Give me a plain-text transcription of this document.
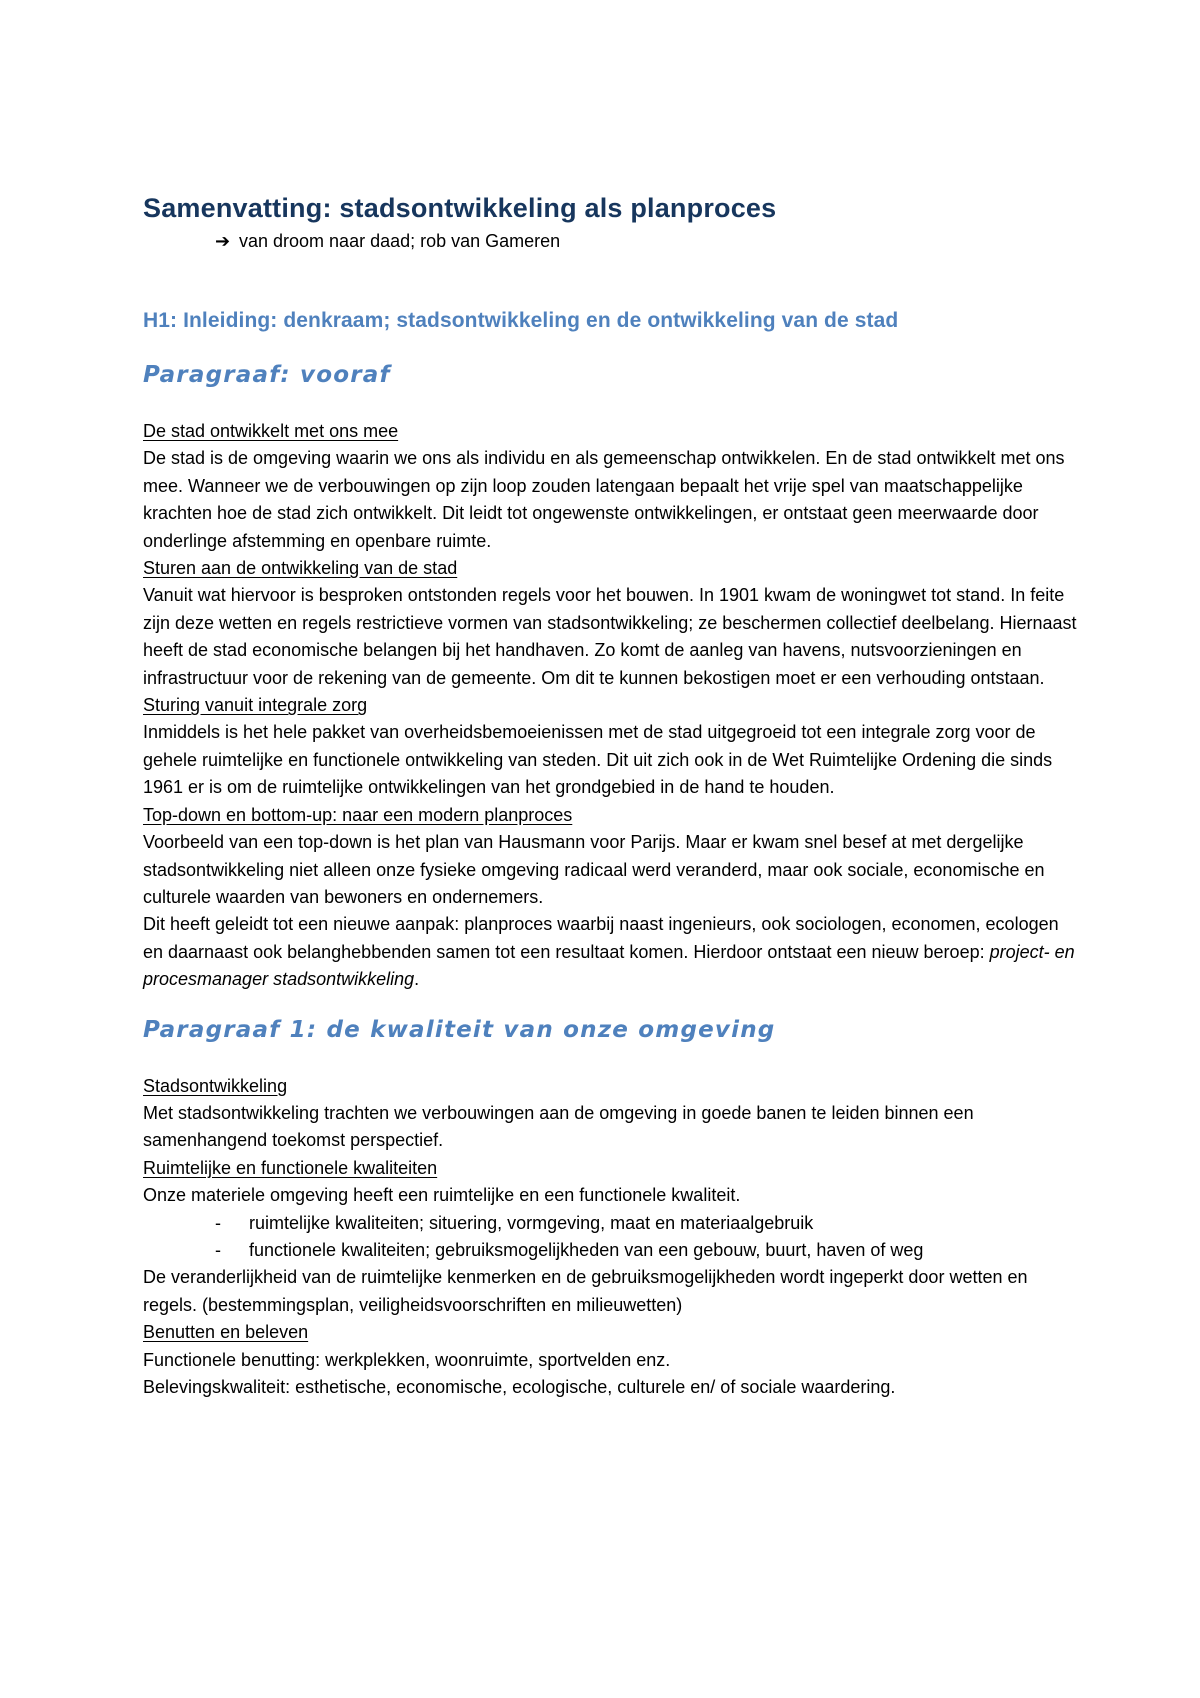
Samenvatting: stadsontwikkeling als planproces
➔ van droom naar daad; rob van Gameren
H1: Inleiding: denkraam; stadsontwikkeling en de ontwikkeling van de stad
Paragraaf: vooraf

De stad ontwikkelt met ons mee

De stad is de omgeving waarin we ons als individu en als gemeenschap ontwikkelen. En de stad ontwikkelt met ons mee. Wanneer we de verbouwingen op zijn loop zouden latengaan bepaalt het vrije spel van maatschappelijke krachten hoe de stad zich ontwikkelt. Dit leidt tot ongewenste ontwikkelingen, er ontstaat geen meerwaarde door onderlinge afstemming en openbare ruimte.

Sturen aan de ontwikkeling van de stad

Vanuit wat hiervoor is besproken ontstonden regels voor het bouwen. In 1901 kwam de woningwet tot stand. In feite zijn deze wetten en regels restrictieve vormen van stadsontwikkeling; ze beschermen collectief deelbelang. Hiernaast heeft de stad economische belangen bij het handhaven. Zo komt de aanleg van havens, nutsvoorzieningen en infrastructuur voor de rekening van de gemeente. Om dit te kunnen bekostigen moet er een verhouding ontstaan.

Sturing vanuit integrale zorg

Inmiddels is het hele pakket van overheidsbemoeienissen met de stad uitgegroeid tot een integrale zorg voor de gehele ruimtelijke en functionele ontwikkeling van steden. Dit uit zich ook in de Wet Ruimtelijke Ordening die sinds 1961 er is om de ruimtelijke ontwikkelingen van het grondgebied in de hand te houden.

Top-down en bottom-up: naar een modern planproces

Voorbeeld van een top-down is het plan van Hausmann voor Parijs. Maar er kwam snel besef at met dergelijke stadsontwikkeling niet alleen onze fysieke omgeving radicaal werd veranderd, maar ook sociale, economische en culturele waarden van bewoners en ondernemers.

Dit heeft geleidt tot een nieuwe aanpak: planproces waarbij naast ingenieurs, ook sociologen, economen, ecologen en daarnaast ook belanghebbenden samen tot een resultaat komen. Hierdoor ontstaat een nieuw beroep: project- en procesmanager stadsontwikkeling.

Paragraaf 1: de kwaliteit van onze omgeving

Stadsontwikkeling

Met stadsontwikkeling trachten we verbouwingen aan de omgeving in goede banen te leiden binnen een samenhangend toekomst perspectief.

Ruimtelijke en functionele kwaliteiten

Onze materiele omgeving heeft een ruimtelijke en een functionele kwaliteit.

-	ruimtelijke kwaliteiten; situering, vormgeving, maat en materiaalgebruik
-	functionele kwaliteiten; gebruiksmogelijkheden van een gebouw, buurt, haven of weg

De veranderlijkheid van de ruimtelijke kenmerken en de gebruiksmogelijkheden wordt ingeperkt door wetten en regels. (bestemmingsplan, veiligheidsvoorschriften en milieuwetten)

Benutten en beleven

Functionele benutting: werkplekken, woonruimte, sportvelden enz.

Belevingskwaliteit: esthetische, economische, ecologische, culturele en/ of sociale waardering.
